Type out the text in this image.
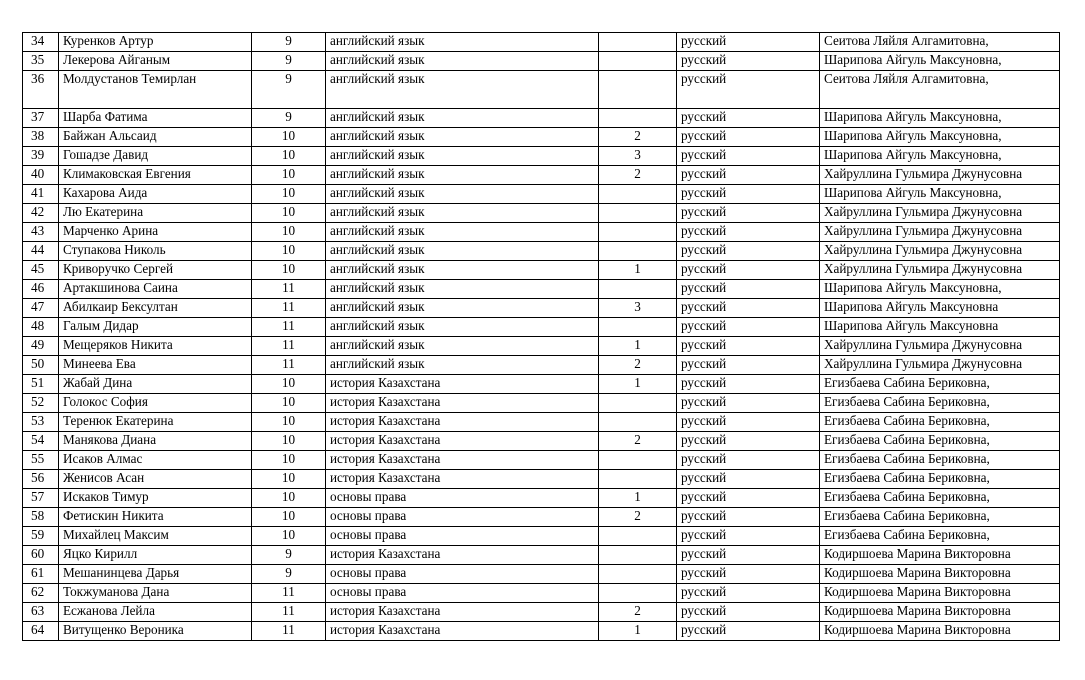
34	Куренков Артур	9	английский язык		русский	Сеитова Ляйля Алгамитовна,
35	Лекерова Айганым	9	английский язык		русский	Шарипова Айгуль Максуновна,
36	Молдустанов Темирлан	9	английский язык		русский	Сеитова Ляйля Алгамитовна,
37	Шарба Фатима	9	английский язык		русский	Шарипова Айгуль Максуновна,
38	Байжан Альсаид	10	английский язык	2	русский	Шарипова Айгуль Максуновна,
39	Гошадзе Давид	10	английский язык	3	русский	Шарипова Айгуль Максуновна,
40	Климаковская Евгения	10	английский язык	2	русский	Хайруллина Гульмира Джунусовна
41	Кахарова Аида	10	английский язык		русский	Шарипова Айгуль Максуновна,
42	Лю Екатерина	10	английский язык		русский	Хайруллина Гульмира Джунусовна
43	Марченко Арина	10	английский язык		русский	Хайруллина Гульмира Джунусовна
44	Ступакова Николь	10	английский язык		русский	Хайруллина Гульмира Джунусовна
45	Криворучко Сергей	10	английский язык	1	русский	Хайруллина Гульмира Джунусовна
46	Артакшинова Саина	11	английский язык		русский	Шарипова Айгуль Максуновна,
47	Абилкаир Бексултан	11	английский язык	3	русский	Шарипова Айгуль Максуновна
48	Галым Дидар	11	английский язык		русский	Шарипова Айгуль Максуновна
49	Мещеряков Никита	11	английский язык	1	русский	Хайруллина Гульмира Джунусовна
50	Минеева Ева	11	английский язык	2	русский	Хайруллина Гульмира Джунусовна
51	Жабай Дина	10	история Казахстана	1	русский	Егизбаева Сабина Бериковна,
52	Голокос София	10	история Казахстана		русский	Егизбаева Сабина Бериковна,
53	Теренюк Екатерина	10	история Казахстана		русский	Егизбаева Сабина Бериковна,
54	Манякова Диана	10	история Казахстана	2	русский	Егизбаева Сабина Бериковна,
55	Исаков Алмас	10	история Казахстана		русский	Егизбаева Сабина Бериковна,
56	Женисов Асан	10	история Казахстана		русский	Егизбаева Сабина Бериковна,
57	Искаков Тимур	10	основы права	1	русский	Егизбаева Сабина Бериковна,
58	Фетискин Никита	10	основы права	2	русский	Егизбаева Сабина Бериковна,
59	Михайлец Максим	10	основы права		русский	Егизбаева Сабина Бериковна,
60	Яцко Кирилл	9	история Казахстана		русский	Кодиршоева Марина Викторовна
61	Мешанинцева Дарья	9	основы права		русский	Кодиршоева Марина Викторовна
62	Токжуманова Дана	11	основы права		русский	Кодиршоева Марина Викторовна
63	Есжанова Лейла	11	история Казахстана	2	русский	Кодиршоева Марина Викторовна
64	Витущенко Вероника	11	история Казахстана	1	русский	Кодиршоева Марина Викторовна
